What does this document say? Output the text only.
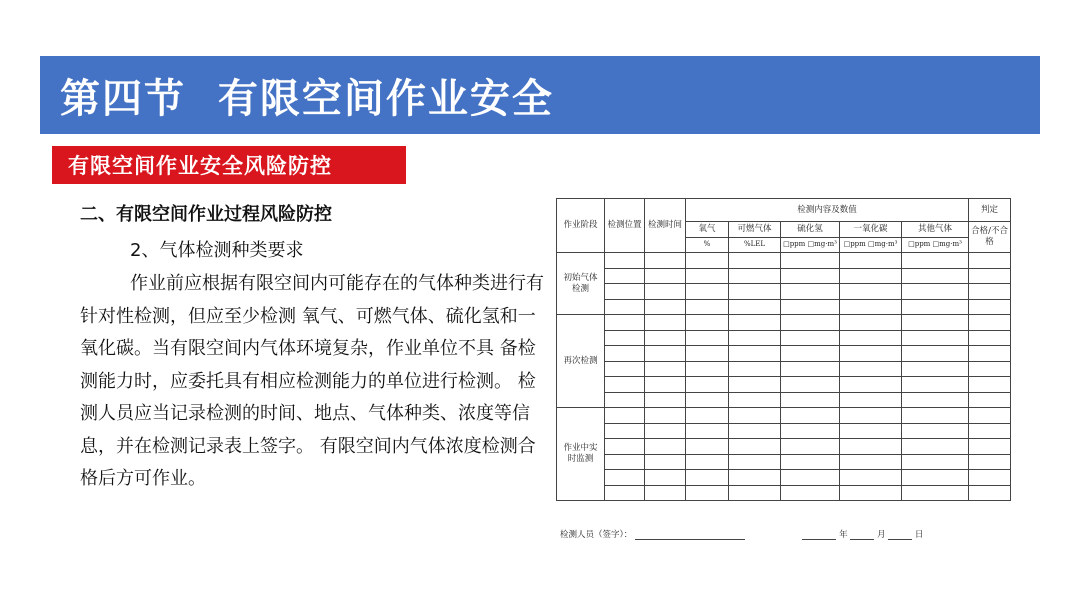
第四节  有限空间作业安全
有限空间作业安全风险防控
二、有限空间作业过程风险防控
2、气体检测种类要求

作业前应根据有限空间内可能存在的气体种类进行有针对性检测，但应至少检测 氧气、可燃气体、硫化氢和一氧化碳。当有限空间内气体环境复杂，作业单位不具 备检测能力时，应委托具有相应检测能力的单位进行检测。 检测人员应当记录检测的时间、地点、气体种类、浓度等信息，并在检测记录表上签字。 有限空间内气体浓度检测合格后方可作业。

作业阶段	检测位置	检测时间	检测内容及数值					判定
			氧气	可燃气体	硫化氢	一氧化碳	其他气体	合格/不合格
			%	%LEL	□ppm □mg·m³	□ppm □mg·m³	□ppm □mg·m³	
初始气体检测								

再次检测								

作业中实时监测								

检测人员（签字）：	年	月	日
